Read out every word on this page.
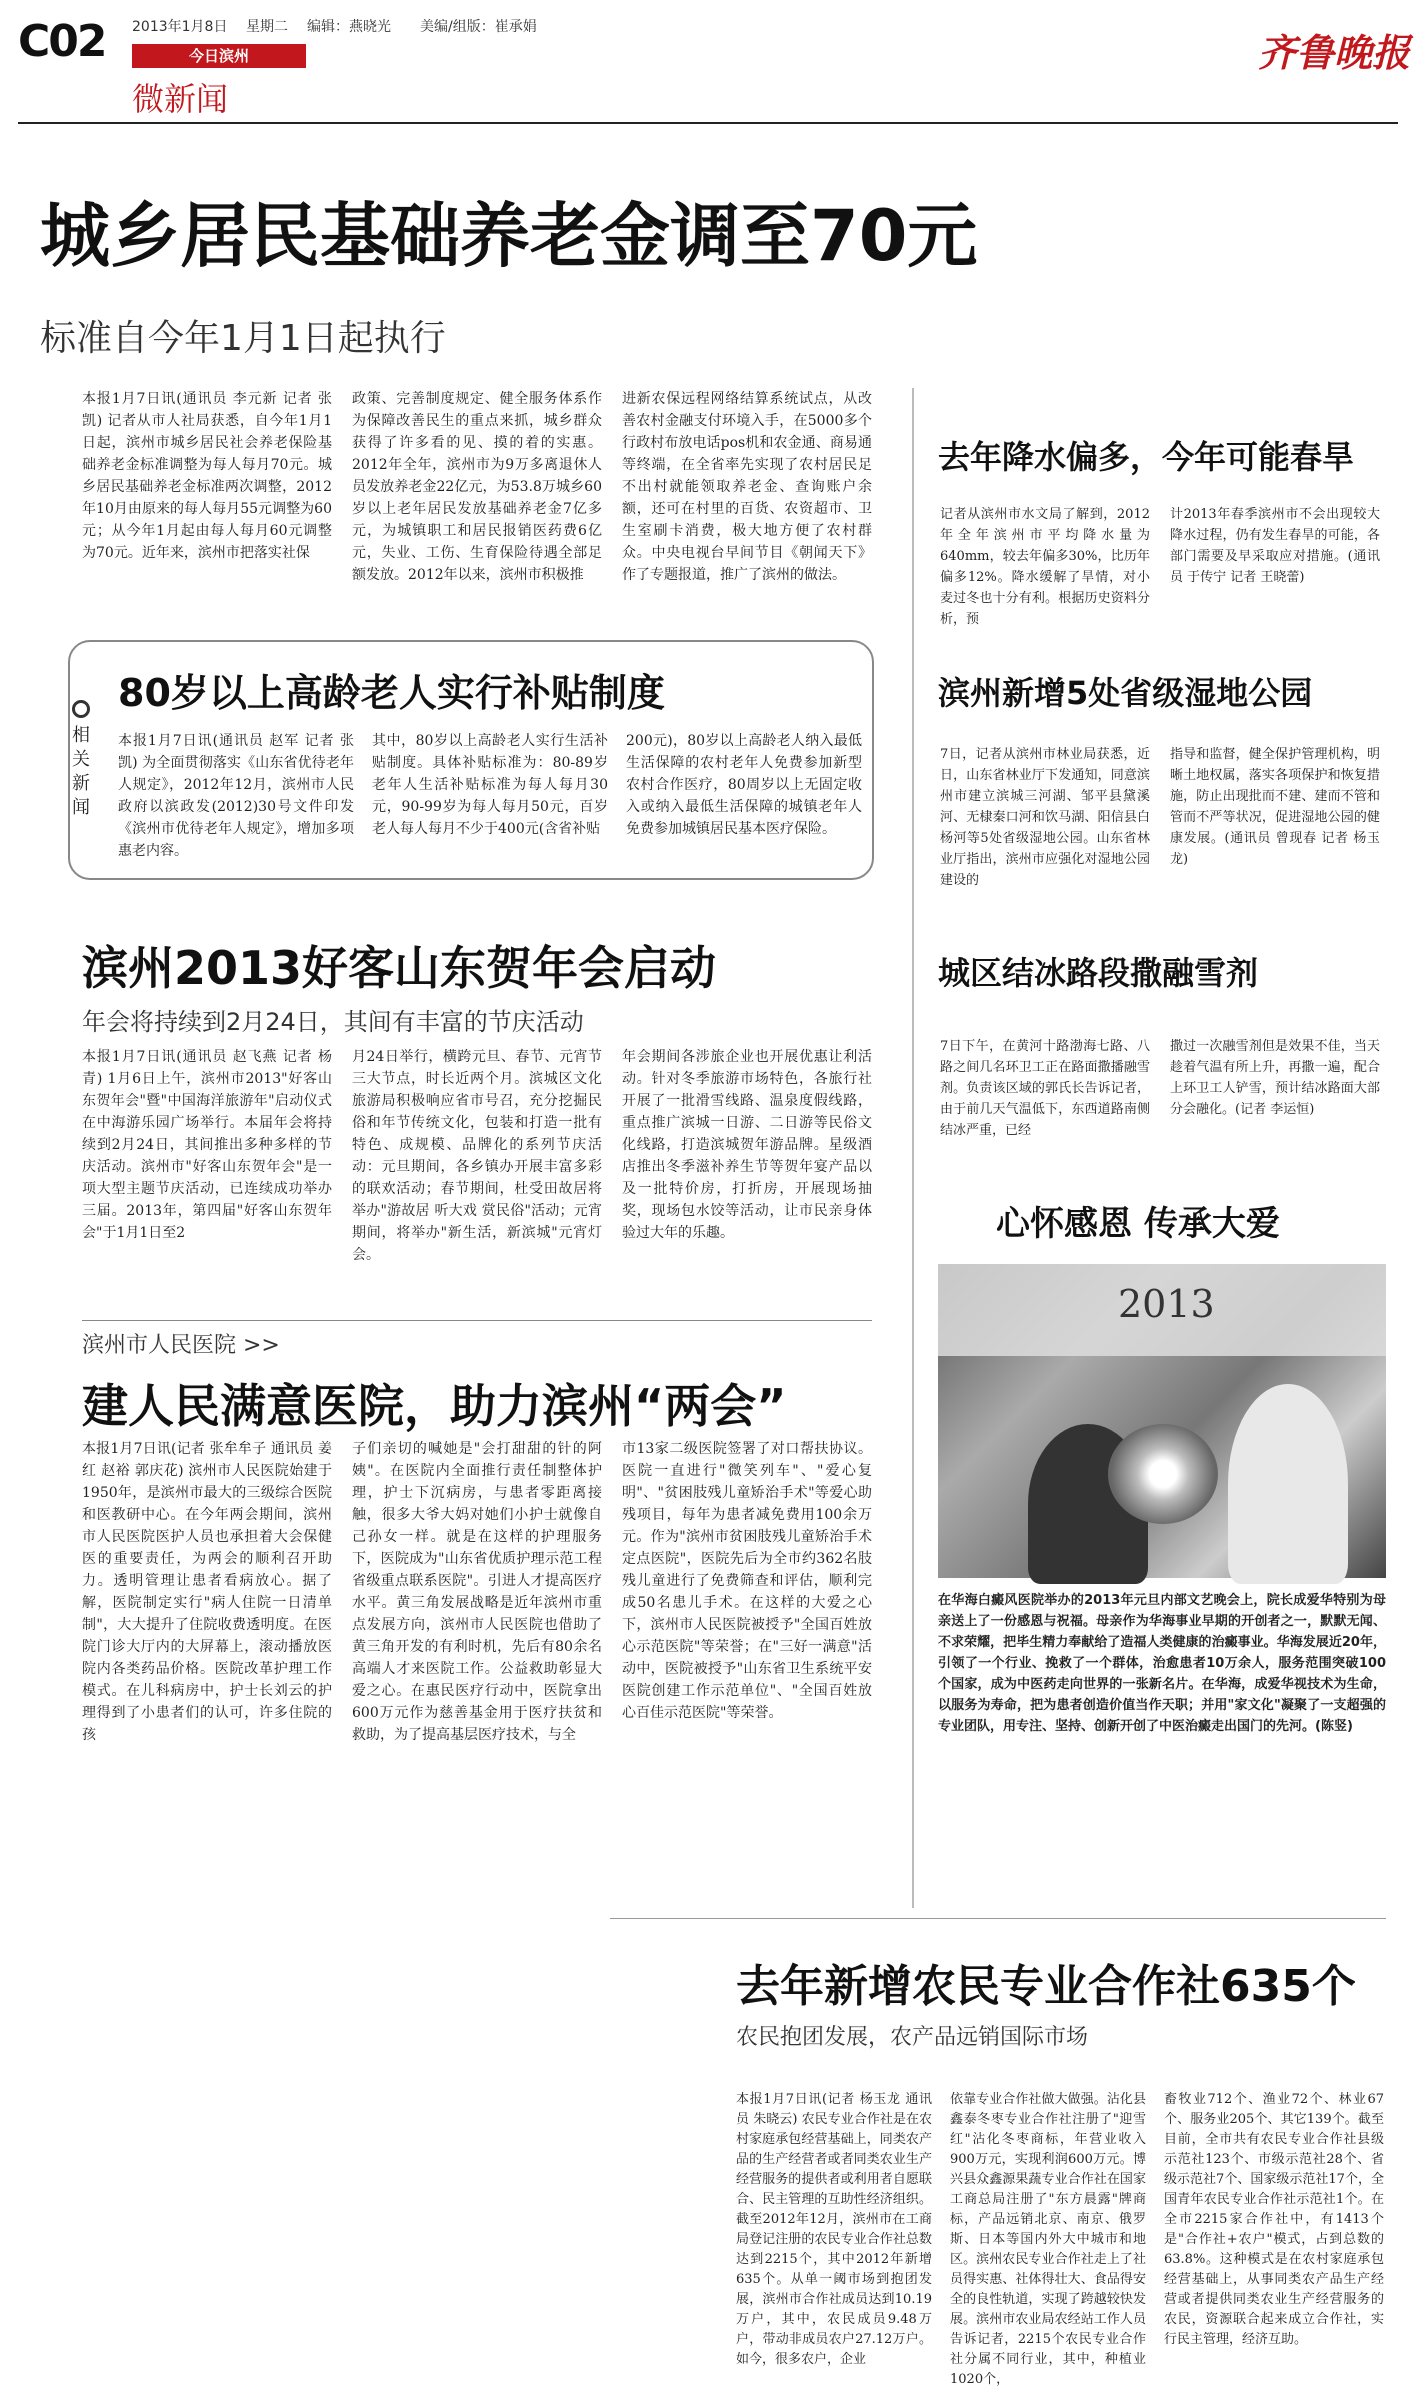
C02 2013年1月8日 星期二 编辑：燕晓光 美编/组版：崔承娟
今日滨州
微新闻
齐鲁晚报
城乡居民基础养老金调至70元
标准自今年1月1日起执行
本报1月7日讯(通讯员 李元新 记者 张凯) 记者从市人社局获悉，自今年1月1日起，滨州市城乡居民社会养老保险基础养老金标准调整为每人每月70元。城乡居民基础养老金标准两次调整，2012年10月由原来的每人每月55元调整为60元；从今年1月起由每人每月60元调整为70元。近年来，滨州市把落实社保
政策、完善制度规定、健全服务体系作为保障改善民生的重点来抓，城乡群众获得了许多看的见、摸的着的实惠。2012年全年，滨州市为9万多离退休人员发放养老金22亿元，为53.8万城乡60岁以上老年居民发放基础养老金7亿多元，为城镇职工和居民报销医药费6亿元，失业、工伤、生育保险待遇全部足额发放。2012年以来，滨州市积极推
进新农保远程网络结算系统试点，从改善农村金融支付环境入手，在5000多个行政村布放电话pos机和农金通、商易通等终端，在全省率先实现了农村居民足不出村就能领取养老金、查询账户余额，还可在村里的百货、农资超市、卫生室刷卡消费，极大地方便了农村群众。中央电视台早间节目《朝闻天下》作了专题报道，推广了滨州的做法。
相关新闻
80岁以上高龄老人实行补贴制度
本报1月7日讯(通讯员 赵军 记者 张凯) 为全面贯彻落实《山东省优待老年人规定》，2012年12月，滨州市人民政府以滨政发(2012)30号文件印发《滨州市优待老年人规定》，增加多项惠老内容。
其中，80岁以上高龄老人实行生活补贴制度。具体补贴标准为：80-89岁老年人生活补贴标准为每人每月30元，90-99岁为每人每月50元，百岁老人每人每月不少于400元(含省补贴
200元)，80岁以上高龄老人纳入最低生活保障的农村老年人免费参加新型农村合作医疗，80周岁以上无固定收入或纳入最低生活保障的城镇老年人免费参加城镇居民基本医疗保险。
滨州2013好客山东贺年会启动
年会将持续到2月24日，其间有丰富的节庆活动
本报1月7日讯(通讯员 赵飞燕 记者 杨青) 1月6日上午，滨州市2013"好客山东贺年会"暨"中国海洋旅游年"启动仪式在中海游乐园广场举行。本届年会将持续到2月24日，其间推出多种多样的节庆活动。滨州市"好客山东贺年会"是一项大型主题节庆活动，已连续成功举办三届。2013年，第四届"好客山东贺年会"于1月1日至2
月24日举行，横跨元旦、春节、元宵节三大节点，时长近两个月。滨城区文化旅游局积极响应省市号召，充分挖掘民俗和年节传统文化，包装和打造一批有特色、成规模、品牌化的系列节庆活动：元旦期间，各乡镇办开展丰富多彩的联欢活动；春节期间，杜受田故居将举办"游故居 听大戏 赏民俗"活动；元宵期间，将举办"新生活，新滨城"元宵灯会。
年会期间各涉旅企业也开展优惠让利活动。针对冬季旅游市场特色，各旅行社开展了一批滑雪线路、温泉度假线路，重点推广滨城一日游、二日游等民俗文化线路，打造滨城贺年游品牌。星级酒店推出冬季滋补养生节等贺年宴产品以及一批特价房，打折房，开展现场抽奖，现场包水饺等活动，让市民亲身体验过大年的乐趣。
滨州市人民医院 >>
建人民满意医院，助力滨州“两会”
本报1月7日讯(记者 张牟牟子 通讯员 姜红 赵裕 郭庆花) 滨州市人民医院始建于1950年，是滨州市最大的三级综合医院和医教研中心。在今年两会期间，滨州市人民医院医护人员也承担着大会保健医的重要责任，为两会的顺利召开助力。透明管理让患者看病放心。据了解，医院制定实行"病人住院一日清单制"，大大提升了住院收费透明度。在医院门诊大厅内的大屏幕上，滚动播放医院内各类药品价格。医院改革护理工作模式。在儿科病房中，护士长刘云的护理得到了小患者们的认可，许多住院的孩
子们亲切的喊她是"会打甜甜的针的阿姨"。在医院内全面推行责任制整体护理，护士下沉病房，与患者零距离接触，很多大爷大妈对她们小护士就像自己孙女一样。就是在这样的护理服务下，医院成为"山东省优质护理示范工程省级重点联系医院"。引进人才提高医疗水平。黄三角发展战略是近年滨州市重点发展方向，滨州市人民医院也借助了黄三角开发的有利时机，先后有80余名高端人才来医院工作。公益救助彰显大爱之心。在惠民医疗行动中，医院拿出600万元作为慈善基金用于医疗扶贫和救助，为了提高基层医疗技术，与全
市13家二级医院签署了对口帮扶协议。医院一直进行"微笑列车"、"爱心复明"、"贫困肢残儿童矫治手术"等爱心助残项目，每年为患者减免费用100余万元。作为"滨州市贫困肢残儿童矫治手术定点医院"，医院先后为全市约362名肢残儿童进行了免费筛查和评估，顺利完成50名患儿手术。在这样的大爱之心下，滨州市人民医院被授予"全国百姓放心示范医院"等荣誉；在"三好一满意"活动中，医院被授予"山东省卫生系统平安医院创建工作示范单位"、"全国百姓放心百佳示范医院"等荣誉。
去年降水偏多，今年可能春旱
记者从滨州市水文局了解到，2012年全年滨州市平均降水量为640mm，较去年偏多30%，比历年偏多12%。降水缓解了旱情，对小麦过冬也十分有利。根据历史资料分析，预
计2013年春季滨州市不会出现较大降水过程，仍有发生春旱的可能，各部门需要及早采取应对措施。(通讯员 于传宁 记者 王晓蕾)
滨州新增5处省级湿地公园
7日，记者从滨州市林业局获悉，近日，山东省林业厅下发通知，同意滨州市建立滨城三河湖、邹平县黛溪河、无棣秦口河和饮马湖、阳信县白杨河等5处省级湿地公园。山东省林业厅指出，滨州市应强化对湿地公园建设的
指导和监督，健全保护管理机构，明晰土地权属，落实各项保护和恢复措施，防止出现批而不建、建而不管和管而不严等状况，促进湿地公园的健康发展。(通讯员 曾现春 记者 杨玉龙)
城区结冰路段撒融雪剂
7日下午，在黄河十路渤海七路、八路之间几名环卫工正在路面撒播融雪剂。负责该区域的郭氏长告诉记者，由于前几天气温低下，东西道路南侧结冰严重，已经
撒过一次融雪剂但是效果不佳，当天趁着气温有所上升，再撒一遍，配合上环卫工人铲雪，预计结冰路面大部分会融化。(记者 李运恒)
心怀感恩 传承大爱
2013
在华海白癜风医院举办的2013年元旦内部文艺晚会上，院长成爱华特别为母亲送上了一份感恩与祝福。母亲作为华海事业早期的开创者之一，默默无闻、不求荣耀，把毕生精力奉献给了造福人类健康的治癜事业。华海发展近20年，引领了一个行业、挽救了一个群体，治愈患者10万余人，服务范围突破100个国家，成为中医药走向世界的一张新名片。在华海，成爱华视技术为生命，以服务为寿命，把为患者创造价值当作天职；并用"家文化"凝聚了一支超强的专业团队，用专注、坚持、创新开创了中医治癜走出国门的先河。(陈竖)
去年新增农民专业合作社635个
农民抱团发展，农产品远销国际市场
本报1月7日讯(记者 杨玉龙 通讯员 朱晓云) 农民专业合作社是在农村家庭承包经营基础上，同类农产品的生产经营者或者同类农业生产经营服务的提供者或利用者自愿联合、民主管理的互助性经济组织。截至2012年12月，滨州市在工商局登记注册的农民专业合作社总数达到2215个，其中2012年新增635个。从单一阈市场到抱团发展，滨州市合作社成员达到10.19万户，其中，农民成员9.48万户，带动非成员农户27.12万户。如今，很多农户，企业
依靠专业合作社做大做强。沾化县鑫泰冬枣专业合作社注册了"迎雪红"沾化冬枣商标，年营业收入900万元，实现利润600万元。博兴县众鑫源果蔬专业合作社在国家工商总局注册了"东方晨露"牌商标，产品远销北京、南京、俄罗斯、日本等国内外大中城市和地区。滨州农民专业合作社走上了社员得实惠、社体得壮大、食品得安全的良性轨道，实现了跨越较快发展。滨州市农业局农经站工作人员告诉记者，2215个农民专业合作社分属不同行业，其中，种植业1020个，
畜牧业712个、渔业72个、林业67个、服务业205个、其它139个。截至目前，全市共有农民专业合作社县级示范社123个、市级示范社28个、省级示范社7个、国家级示范社17个，全国青年农民专业合作社示范社1个。在全市2215家合作社中，有1413个是"合作社+农户"模式，占到总数的63.8%。这种模式是在农村家庭承包经营基础上，从事同类农产品生产经营或者提供同类农业生产经营服务的农民，资源联合起来成立合作社，实行民主管理，经济互助。
